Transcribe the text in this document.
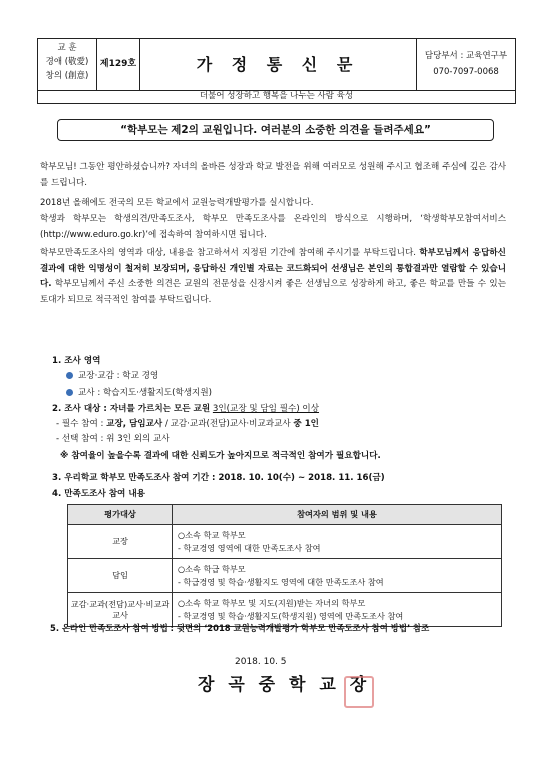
교 훈
경애 (敬愛)
창의 (創意)
제129호	가 정 통 신 문	담당부서 : 교육연구부
070-7097-0068
더불어 성장하고 행복을 나누는 사람 육성
“학부모는 제2의 교원입니다. 여러분의 소중한 의견을 들려주세요”
학부모님! 그동안 평안하셨습니까? 자녀의 올바른 성장과 학교 발전을 위해 여러모로 성원해 주시고 협조해 주심에 깊은 감사를 드립니다.
2018년 올해에도 전국의 모든 학교에서 교원능력개발평가를 실시합니다.
학생과 학부모는 학생의견/만족도조사, 학부모 만족도조사를 온라인의 방식으로 시행하며, ‘학생학부모참여서비스 (http://www.eduro.go.kr)’에 접속하여 참여하시면 됩니다.
학부모만족도조사의 영역과 대상, 내용을 참고하셔서 지정된 기간에 참여해 주시기를 부탁드립니다. 학부모님께서 응답하신 결과에 대한 익명성이 철저히 보장되며, 응답하신 개인별 자료는 코드화되어 선생님은 본인의 통합결과만 열람할 수 있습니다. 학부모님께서 주신 소중한 의견은 교원의 전문성을 신장시켜 좋은 선생님으로 성장하게 하고, 좋은 학교를 만들 수 있는 토대가 되므로 적극적인 참여를 부탁드립니다.
1. 조사 영역
교장·교감 : 학교 경영
교사 : 학습지도·생활지도(학생지원)
2. 조사 대상 : 자녀를 가르치는 모든 교원 3인(교장 및 담임 필수) 이상
- 필수 참여 : 교장, 담임교사 / 교감·교과(전담)교사·비교과교사 중 1인
- 선택 참여 : 위 3인 외의 교사
※ 참여율이 높을수록 결과에 대한 신뢰도가 높아지므로 적극적인 참여가 필요합니다.
3. 우리학교 학부모 만족도조사 참여 기간 : 2018. 10. 10(수) ~ 2018. 11. 16(금)
4. 만족도조사 참여 내용
평가대상	참여자의 범위 및 내용
교장	○소속 학교 학부모
- 학교경영 영역에 대한 만족도조사 참여

담임	○소속 학급 학부모
- 학급경영 및 학습·생활지도 영역에 대한 만족도조사 참여

교감·교과(전담)교사·비교과교사	○소속 학교 학부모 및 지도(지원)받는 자녀의 학부모
- 학교경영 및 학습·생활지도(학생지원) 영역에 만족도조사 참여
5. 온라인 만족도조사 참여 방법 : 뒷면의 ‘2018 교원능력개발평가 학부모 만족도조사 참여 방법’ 참조
2018. 10. 5
장 곡 중 학 교 장
